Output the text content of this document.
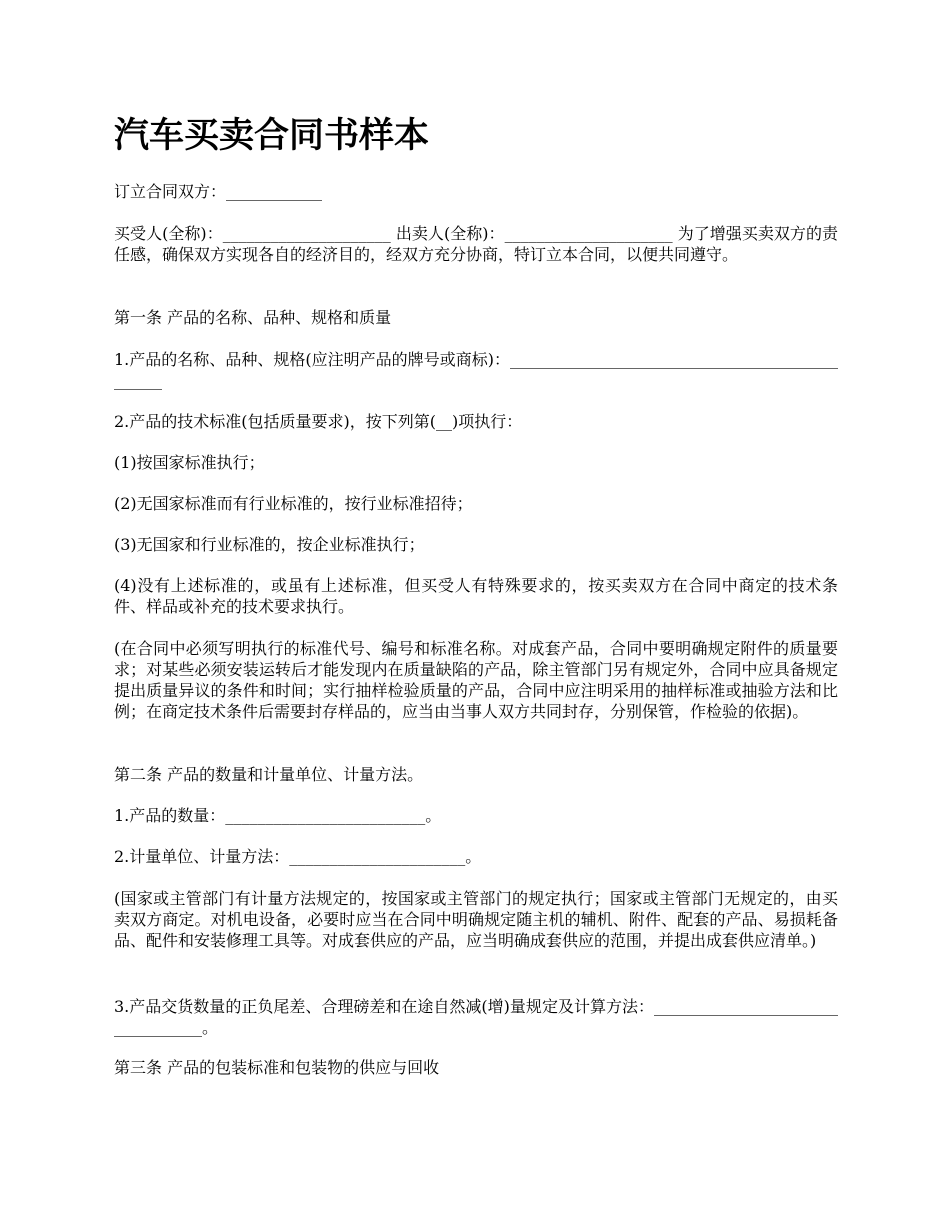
汽车买卖合同书样本

订立合同双方：____________

买受人(全称)：_____________________ 出卖人(全称)：_____________________ 为了增强买卖双方的责任感，确保双方实现各自的经济目的，经双方充分协商，特订立本合同，以便共同遵守。

第一条 产品的名称、品种、规格和质量

1.产品的名称、品种、规格(应注明产品的牌号或商标)：_______________________________________________

2.产品的技术标准(包括质量要求)，按下列第(__)项执行：

(1)按国家标准执行；

(2)无国家标准而有行业标准的，按行业标准招待；

(3)无国家和行业标准的，按企业标准执行；

(4)没有上述标准的，或虽有上述标准，但买受人有特殊要求的，按买卖双方在合同中商定的技术条件、样品或补充的技术要求执行。

(在合同中必须写明执行的标准代号、编号和标准名称。对成套产品，合同中要明确规定附件的质量要求；对某些必须安装运转后才能发现内在质量缺陷的产品，除主管部门另有规定外，合同中应具备规定提出质量异议的条件和时间；实行抽样检验质量的产品，合同中应注明采用的抽样标准或抽验方法和比例；在商定技术条件后需要封存样品的，应当由当事人双方共同封存，分别保管，作检验的依据)。

第二条 产品的数量和计量单位、计量方法。

1.产品的数量：_________________________。

2.计量单位、计量方法：______________________。

(国家或主管部门有计量方法规定的，按国家或主管部门的规定执行；国家或主管部门无规定的，由买卖双方商定。对机电设备，必要时应当在合同中明确规定随主机的辅机、附件、配套的产品、易损耗备品、配件和安装修理工具等。对成套供应的产品，应当明确成套供应的范围，并提出成套供应清单。)

3.产品交货数量的正负尾差、合理磅差和在途自然减(增)量规定及计算方法：__________________________________。

第三条 产品的包装标准和包装物的供应与回收
